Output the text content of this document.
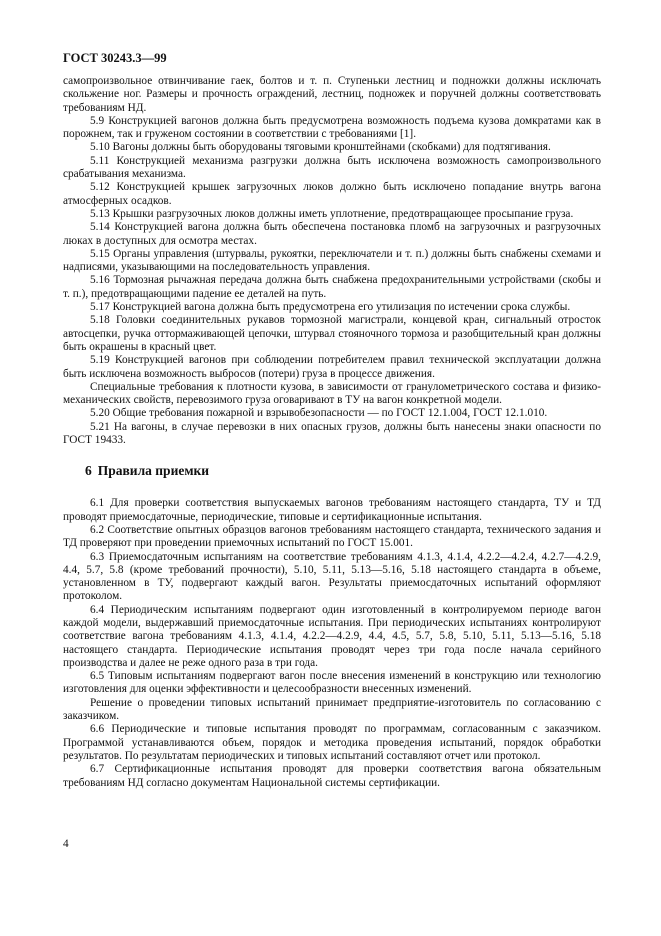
ГОСТ 30243.3—99

самопроизвольное отвинчивание гаек, болтов и т. п. Ступеньки лестниц и подножки должны исключать скольжение ног. Размеры и прочность ограждений, лестниц, подножек и поручней должны соответствовать требованиям НД.

5.9 Конструкцией вагонов должна быть предусмотрена возможность подъема кузова домкратами как в порожнем, так и груженом состоянии в соответствии с требованиями [1].

5.10 Вагоны должны быть оборудованы тяговыми кронштейнами (скобками) для подтягивания.

5.11 Конструкцией механизма разгрузки должна быть исключена возможность самопроизвольного срабатывания механизма.

5.12 Конструкцией крышек загрузочных люков должно быть исключено попадание внутрь вагона атмосферных осадков.

5.13 Крышки разгрузочных люков должны иметь уплотнение, предотвращающее просыпание груза.

5.14 Конструкцией вагона должна быть обеспечена постановка пломб на загрузочных и разгрузочных люках в доступных для осмотра местах.

5.15 Органы управления (штурвалы, рукоятки, переключатели и т. п.) должны быть снабжены схемами и надписями, указывающими на последовательность управления.

5.16 Тормозная рычажная передача должна быть снабжена предохранительными устройствами (скобы и т. п.), предотвращающими падение ее деталей на путь.

5.17 Конструкцией вагона должна быть предусмотрена его утилизация по истечении срока службы.

5.18 Головки соединительных рукавов тормозной магистрали, концевой кран, сигнальный отросток автосцепки, ручка оттормаживающей цепочки, штурвал стояночного тормоза и разобщительный кран должны быть окрашены в красный цвет.

5.19 Конструкцией вагонов при соблюдении потребителем правил технической эксплуатации должна быть исключена возможность выбросов (потери) груза в процессе движения.

Специальные требования к плотности кузова, в зависимости от гранулометрического состава и физико-механических свойств, перевозимого груза оговаривают в ТУ на вагон конкретной модели.

5.20 Общие требования пожарной и взрывобезопасности — по ГОСТ 12.1.004, ГОСТ 12.1.010.

5.21 На вагоны, в случае перевозки в них опасных грузов, должны быть нанесены знаки опасности по ГОСТ 19433.

6 Правила приемки

6.1 Для проверки соответствия выпускаемых вагонов требованиям настоящего стандарта, ТУ и ТД проводят приемосдаточные, периодические, типовые и сертификационные испытания.

6.2 Соответствие опытных образцов вагонов требованиям настоящего стандарта, технического задания и ТД проверяют при проведении приемочных испытаний по ГОСТ 15.001.

6.3 Приемосдаточным испытаниям на соответствие требованиям 4.1.3, 4.1.4, 4.2.2—4.2.4, 4.2.7—4.2.9, 4.4, 5.7, 5.8 (кроме требований прочности), 5.10, 5.11, 5.13—5.16, 5.18 настоящего стандарта в объеме, установленном в ТУ, подвергают каждый вагон. Результаты приемосдаточных испытаний оформляют протоколом.

6.4 Периодическим испытаниям подвергают один изготовленный в контролируемом периоде вагон каждой модели, выдержавший приемосдаточные испытания. При периодических испытаниях контролируют соответствие вагона требованиям 4.1.3, 4.1.4, 4.2.2—4.2.9, 4.4, 4.5, 5.7, 5.8, 5.10, 5.11, 5.13—5.16, 5.18 настоящего стандарта. Периодические испытания проводят через три года после начала серийного производства и далее не реже одного раза в три года.

6.5 Типовым испытаниям подвергают вагон после внесения изменений в конструкцию или технологию изготовления для оценки эффективности и целесообразности внесенных изменений.

Решение о проведении типовых испытаний принимает предприятие-изготовитель по согласованию с заказчиком.

6.6 Периодические и типовые испытания проводят по программам, согласованным с заказчиком. Программой устанавливаются объем, порядок и методика проведения испытаний, порядок обработки результатов. По результатам периодических и типовых испытаний составляют отчет или протокол.

6.7 Сертификационные испытания проводят для проверки соответствия вагона обязательным требованиям НД согласно документам Национальной системы сертификации.

4
